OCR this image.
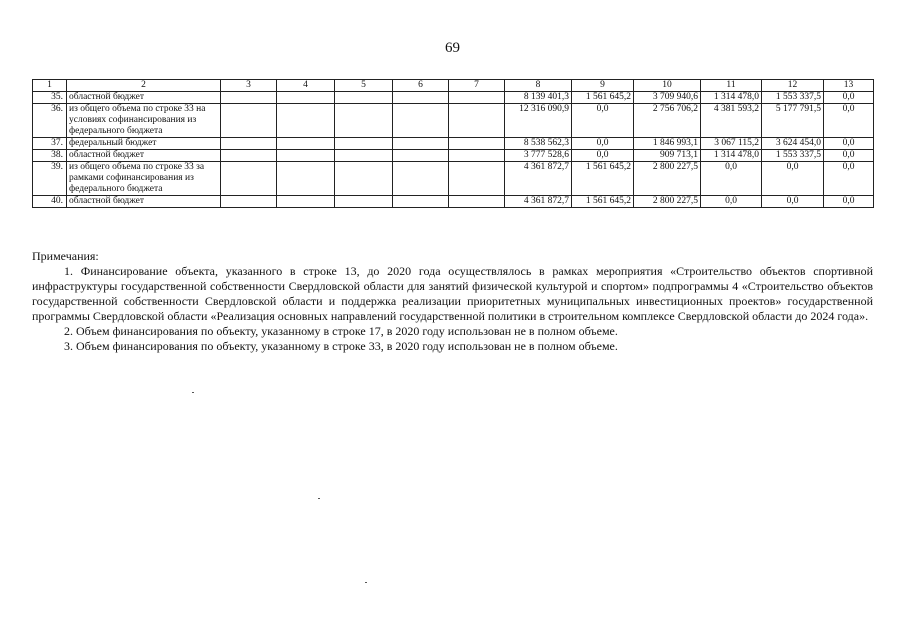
69
1	2	3	4	5	6	7	8	9	10	11	12	13
35.	областной бюджет						8 139 401,3	1 561 645,2	3 709 940,6	1 314 478,0	1 553 337,5	0,0
36.	из общего объема по строке 33 на условиях софинансирования из федерального бюджета						12 316 090,9	0,0	2 756 706,2	4 381 593,2	5 177 791,5	0,0
37.	федеральный бюджет						8 538 562,3	0,0	1 846 993,1	3 067 115,2	3 624 454,0	0,0
38.	областной бюджет						3 777 528,6	0,0	909 713,1	1 314 478,0	1 553 337,5	0,0
39.	из общего объема по строке 33 за рамками софинансирования из федерального бюджета						4 361 872,7	1 561 645,2	2 800 227,5	0,0	0,0	0,0
40.	областной бюджет						4 361 872,7	1 561 645,2	2 800 227,5	0,0	0,0	0,0

Примечания:

1. Финансирование объекта, указанного в строке 13, до 2020 года осуществлялось в рамках мероприятия «Строительство объектов спортивной инфраструктуры государственной собственности Свердловской области для занятий физической культурой и спортом» подпрограммы 4 «Строительство объектов государственной собственности Свердловской области и поддержка реализации приоритетных муниципальных инвестиционных проектов» государственной программы Свердловской области «Реализация основных направлений государственной политики в строительном комплексе Свердловской области до 2024 года».

2. Объем финансирования по объекту, указанному в строке 17, в 2020 году использован не в полном объеме.

3. Объем финансирования по объекту, указанному в строке 33, в 2020 году использован не в полном объеме.
